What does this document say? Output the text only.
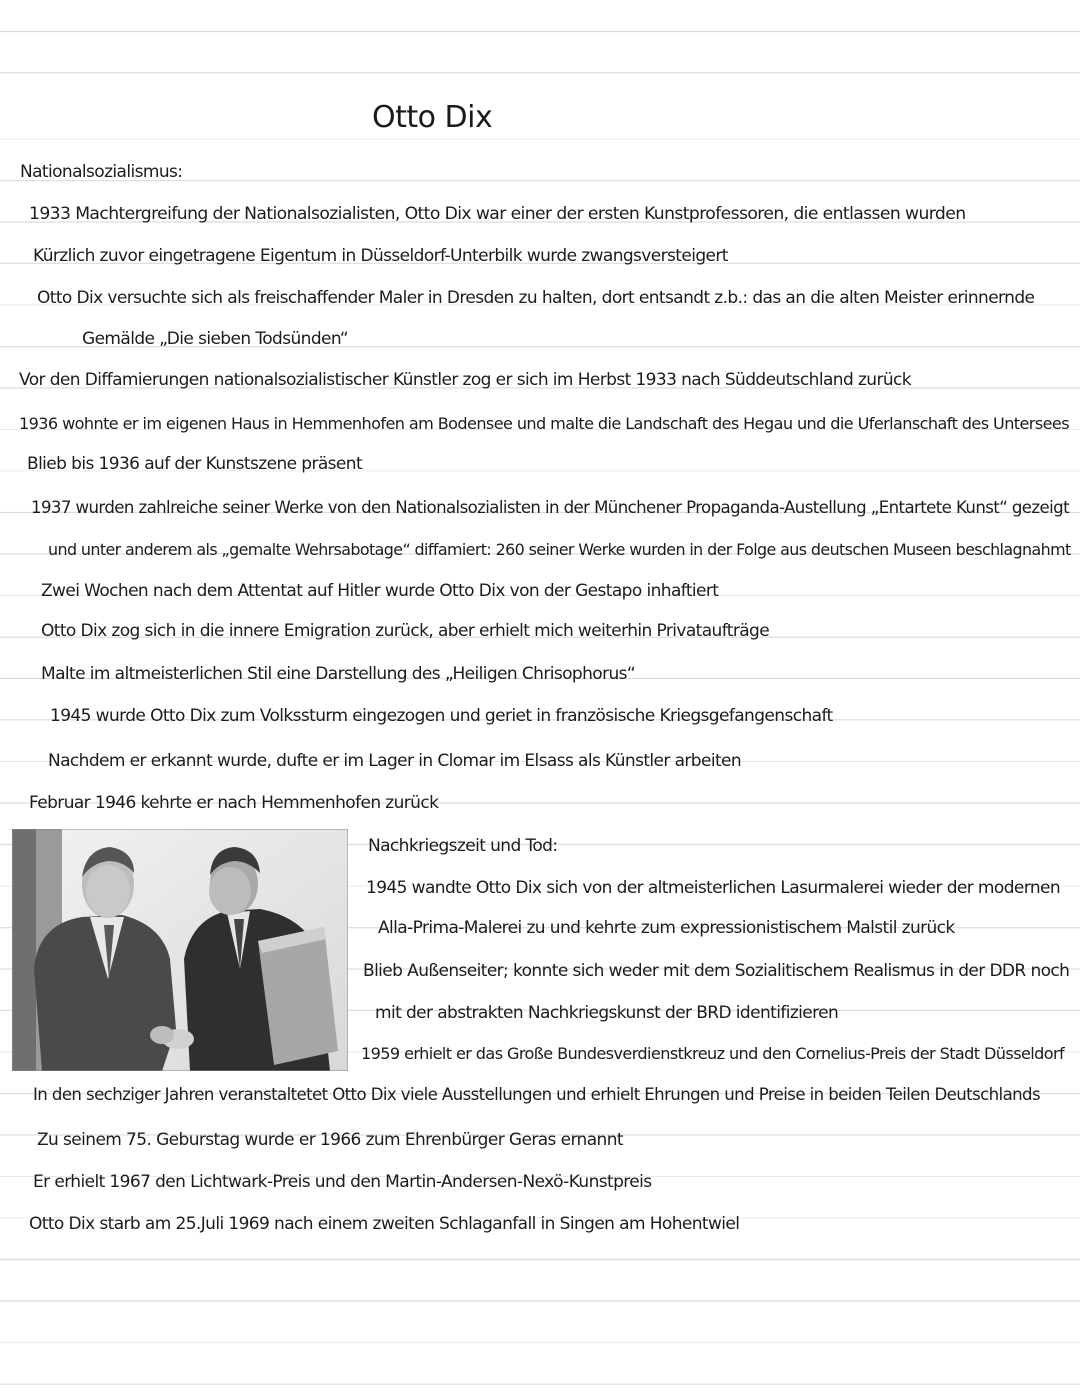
Otto Dix
Nationalsozialismus:
1933 Machtergreifung der Nationalsozialisten, Otto Dix war einer der ersten Kunstprofessoren, die entlassen wurden
Kürzlich zuvor eingetragene Eigentum in Düsseldorf-Unterbilk wurde zwangsversteigert
Otto Dix versuchte sich als freischaffender Maler in Dresden zu halten, dort entsandt z.b.: das an die alten Meister erinnernde
Gemälde „Die sieben Todsünden“
Vor den Diffamierungen nationalsozialistischer Künstler zog er sich im Herbst 1933 nach Süddeutschland zurück
1936 wohnte er im eigenen Haus in Hemmenhofen am Bodensee und malte die Landschaft des Hegau und die Uferlanschaft des Untersees
Blieb bis 1936 auf der Kunstszene präsent
1937 wurden zahlreiche seiner Werke von den Nationalsozialisten in der Münchener Propaganda-Austellung „Entartete Kunst“ gezeigt
und unter anderem als „gemalte Wehrsabotage“ diffamiert: 260 seiner Werke wurden in der Folge aus deutschen Museen beschlagnahmt
Zwei Wochen nach dem Attentat auf Hitler wurde Otto Dix von der Gestapo inhaftiert
Otto Dix zog sich in die innere Emigration zurück, aber erhielt mich weiterhin Privataufträge
Malte im altmeisterlichen Stil eine Darstellung des „Heiligen Chrisophorus“
1945 wurde Otto Dix zum Volkssturm eingezogen und geriet in französische Kriegsgefangenschaft
Nachdem er erkannt wurde, dufte er im Lager in Clomar im Elsass als Künstler arbeiten
Februar 1946 kehrte er nach Hemmenhofen zurück
Nachkriegszeit und Tod:
1945 wandte Otto Dix sich von der altmeisterlichen Lasurmalerei wieder der modernen
Alla-Prima-Malerei zu und kehrte zum expressionistischem Malstil zurück
Blieb Außenseiter; konnte sich weder mit dem Sozialitischem Realismus in der DDR noch
mit der abstrakten Nachkriegskunst der BRD identifizieren
1959 erhielt er das Große Bundesverdienstkreuz und den Cornelius-Preis der Stadt Düsseldorf
In den sechziger Jahren veranstaltetet Otto Dix viele Ausstellungen und erhielt Ehrungen und Preise in beiden Teilen Deutschlands
Zu seinem 75. Geburstag wurde er 1966 zum Ehrenbürger Geras ernannt
Er erhielt 1967 den Lichtwark-Preis und den Martin-Andersen-Nexö-Kunstpreis
Otto Dix starb am 25.Juli 1969 nach einem zweiten Schlaganfall in Singen am Hohentwiel
